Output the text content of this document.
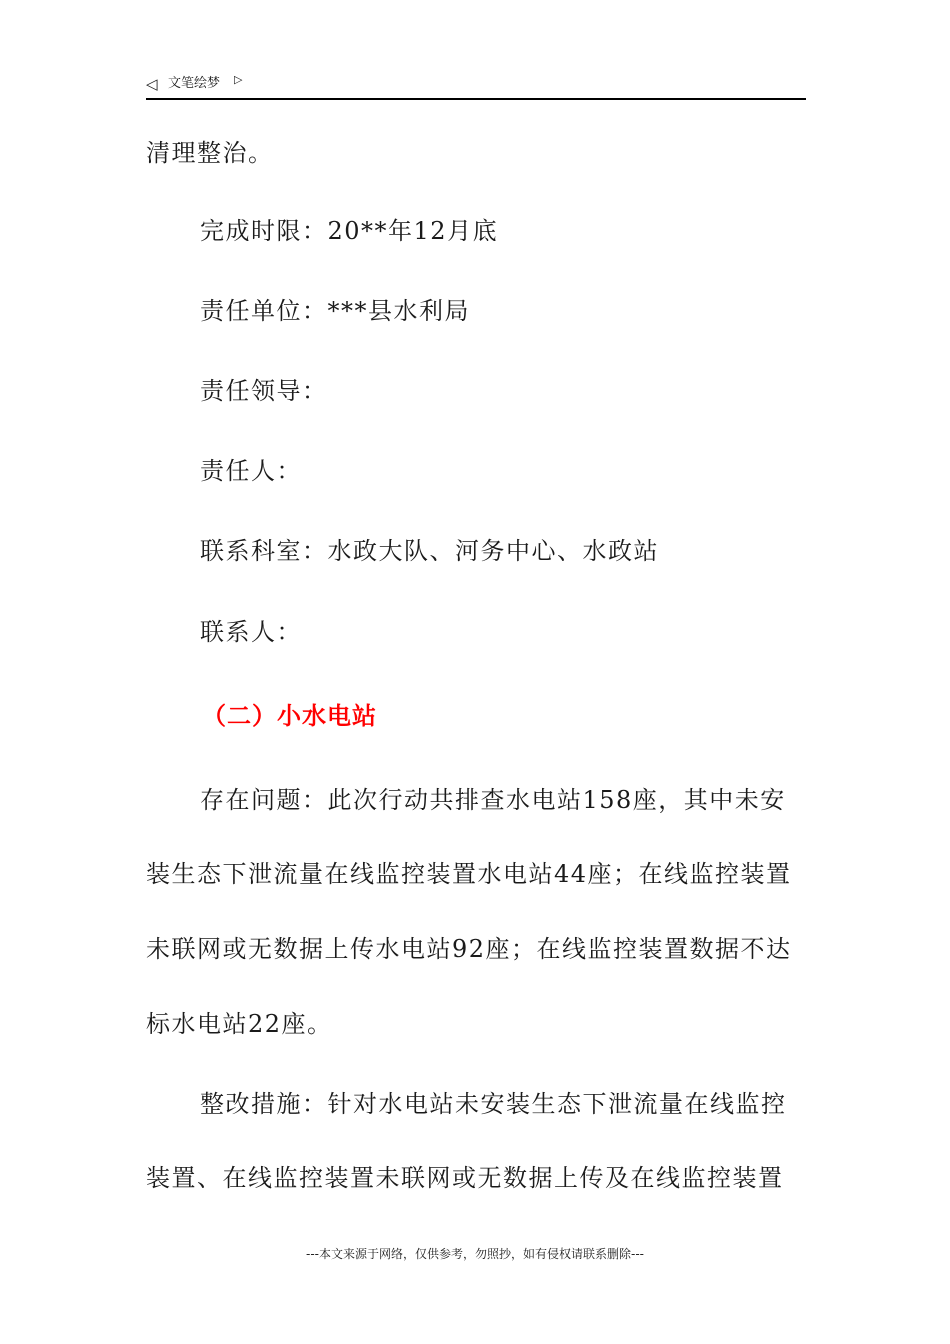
◁ 文笔绘梦 ▷
清理整治。
完成时限：20**年12月底
责任单位：***县水利局
责任领导：
责任人：
联系科室：水政大队、河务中心、水政站
联系人：
（二）小水电站
存在问题：此次行动共排查水电站158座，其中未安
装生态下泄流量在线监控装置水电站44座；在线监控装置
未联网或无数据上传水电站92座；在线监控装置数据不达
标水电站22座。
整改措施：针对水电站未安装生态下泄流量在线监控
装置、在线监控装置未联网或无数据上传及在线监控装置
---本文来源于网络，仅供参考，勿照抄，如有侵权请联系删除---
